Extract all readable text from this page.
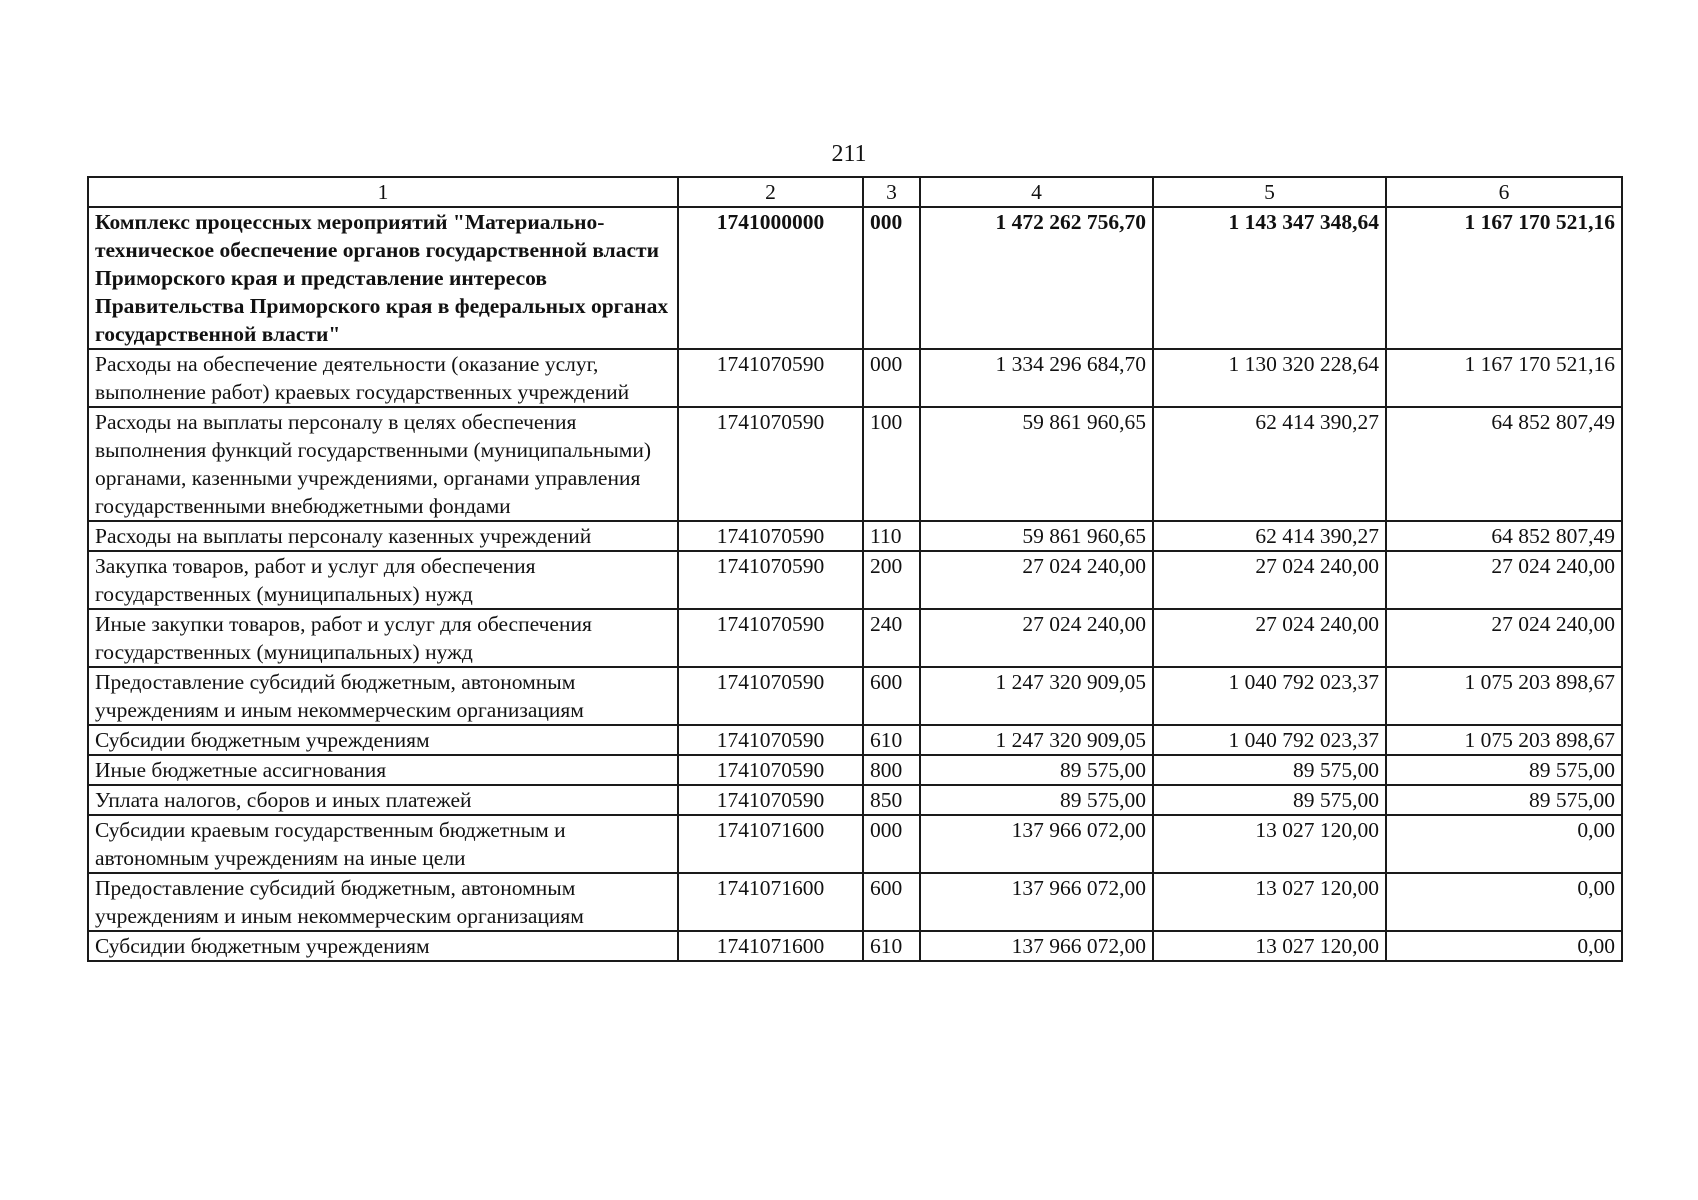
211
1	2	3	4	5	6
Комплекс процессных мероприятий "Материально-техническое обеспечение органов государственной власти Приморского края и представление интересов Правительства Приморского края в федеральных органах государственной власти"	1741000000	000	1 472 262 756,70	1 143 347 348,64	1 167 170 521,16
Расходы на обеспечение деятельности (оказание услуг, выполнение работ) краевых государственных учреждений	1741070590	000	1 334 296 684,70	1 130 320 228,64	1 167 170 521,16
Расходы на выплаты персоналу в целях обеспечения выполнения функций государственными (муниципальными) органами, казенными учреждениями, органами управления государственными внебюджетными фондами	1741070590	100	59 861 960,65	62 414 390,27	64 852 807,49
Расходы на выплаты персоналу казенных учреждений	1741070590	110	59 861 960,65	62 414 390,27	64 852 807,49
Закупка товаров, работ и услуг для обеспечения государственных (муниципальных) нужд	1741070590	200	27 024 240,00	27 024 240,00	27 024 240,00
Иные закупки товаров, работ и услуг для обеспечения государственных (муниципальных) нужд	1741070590	240	27 024 240,00	27 024 240,00	27 024 240,00
Предоставление субсидий бюджетным, автономным учреждениям и иным некоммерческим организациям	1741070590	600	1 247 320 909,05	1 040 792 023,37	1 075 203 898,67
Субсидии бюджетным учреждениям	1741070590	610	1 247 320 909,05	1 040 792 023,37	1 075 203 898,67
Иные бюджетные ассигнования	1741070590	800	89 575,00	89 575,00	89 575,00
Уплата налогов, сборов и иных платежей	1741070590	850	89 575,00	89 575,00	89 575,00
Субсидии краевым государственным бюджетным и автономным учреждениям на иные цели	1741071600	000	137 966 072,00	13 027 120,00	0,00
Предоставление субсидий бюджетным, автономным учреждениям и иным некоммерческим организациям	1741071600	600	137 966 072,00	13 027 120,00	0,00
Субсидии бюджетным учреждениям	1741071600	610	137 966 072,00	13 027 120,00	0,00
